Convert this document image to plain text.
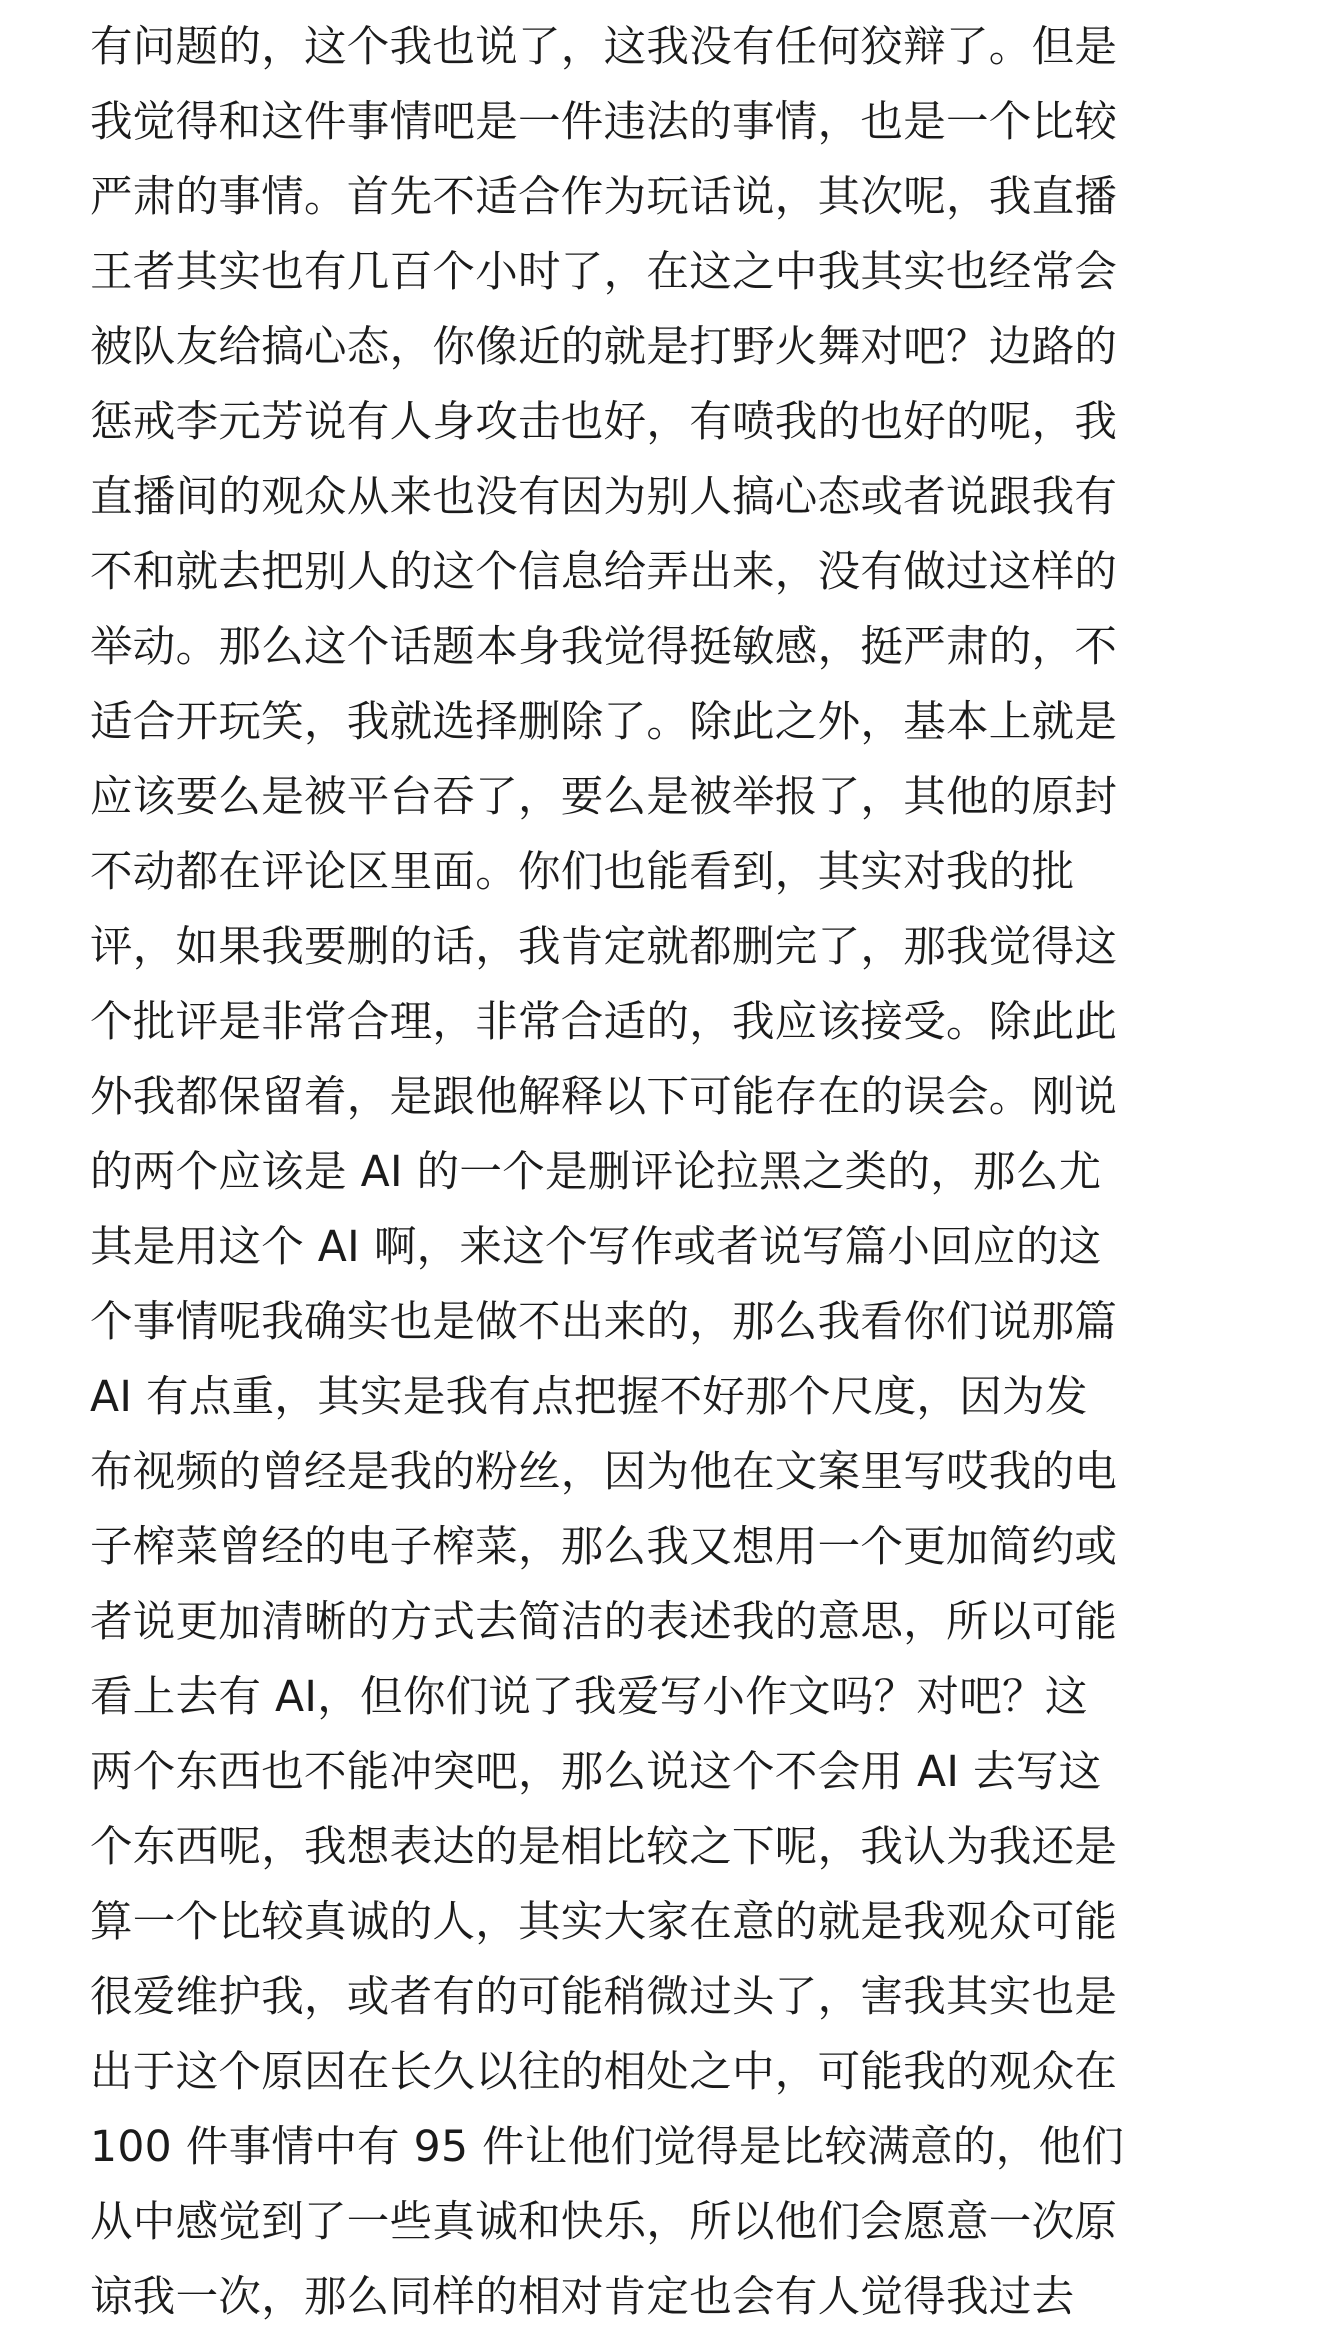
有问题的，这个我也说了，这我没有任何狡辩了。但是
我觉得和这件事情吧是一件违法的事情，也是一个比较
严肃的事情。首先不适合作为玩话说，其次呢，我直播
王者其实也有几百个小时了，在这之中我其实也经常会
被队友给搞心态，你像近的就是打野火舞对吧？边路的
惩戒李元芳说有人身攻击也好，有喷我的也好的呢，我
直播间的观众从来也没有因为别人搞心态或者说跟我有
不和就去把别人的这个信息给弄出来，没有做过这样的
举动。那么这个话题本身我觉得挺敏感，挺严肃的，不
适合开玩笑，我就选择删除了。除此之外，基本上就是
应该要么是被平台吞了，要么是被举报了，其他的原封
不动都在评论区里面。你们也能看到，其实对我的批
评，如果我要删的话，我肯定就都删完了，那我觉得这
个批评是非常合理，非常合适的，我应该接受。除此此
外我都保留着，是跟他解释以下可能存在的误会。刚说
的两个应该是 AI 的一个是删评论拉黑之类的，那么尤
其是用这个 AI 啊，来这个写作或者说写篇小回应的这
个事情呢我确实也是做不出来的，那么我看你们说那篇
AI 有点重，其实是我有点把握不好那个尺度，因为发
布视频的曾经是我的粉丝，因为他在文案里写哎我的电
子榨菜曾经的电子榨菜，那么我又想用一个更加简约或
者说更加清晰的方式去简洁的表述我的意思，所以可能
看上去有 AI，但你们说了我爱写小作文吗？对吧？这
两个东西也不能冲突吧，那么说这个不会用 AI 去写这
个东西呢，我想表达的是相比较之下呢，我认为我还是
算一个比较真诚的人，其实大家在意的就是我观众可能
很爱维护我，或者有的可能稍微过头了，害我其实也是
出于这个原因在长久以往的相处之中，可能我的观众在
100 件事情中有 95 件让他们觉得是比较满意的，他们
从中感觉到了一些真诚和快乐，所以他们会愿意一次原
谅我一次，那么同样的相对肯定也会有人觉得我过去
